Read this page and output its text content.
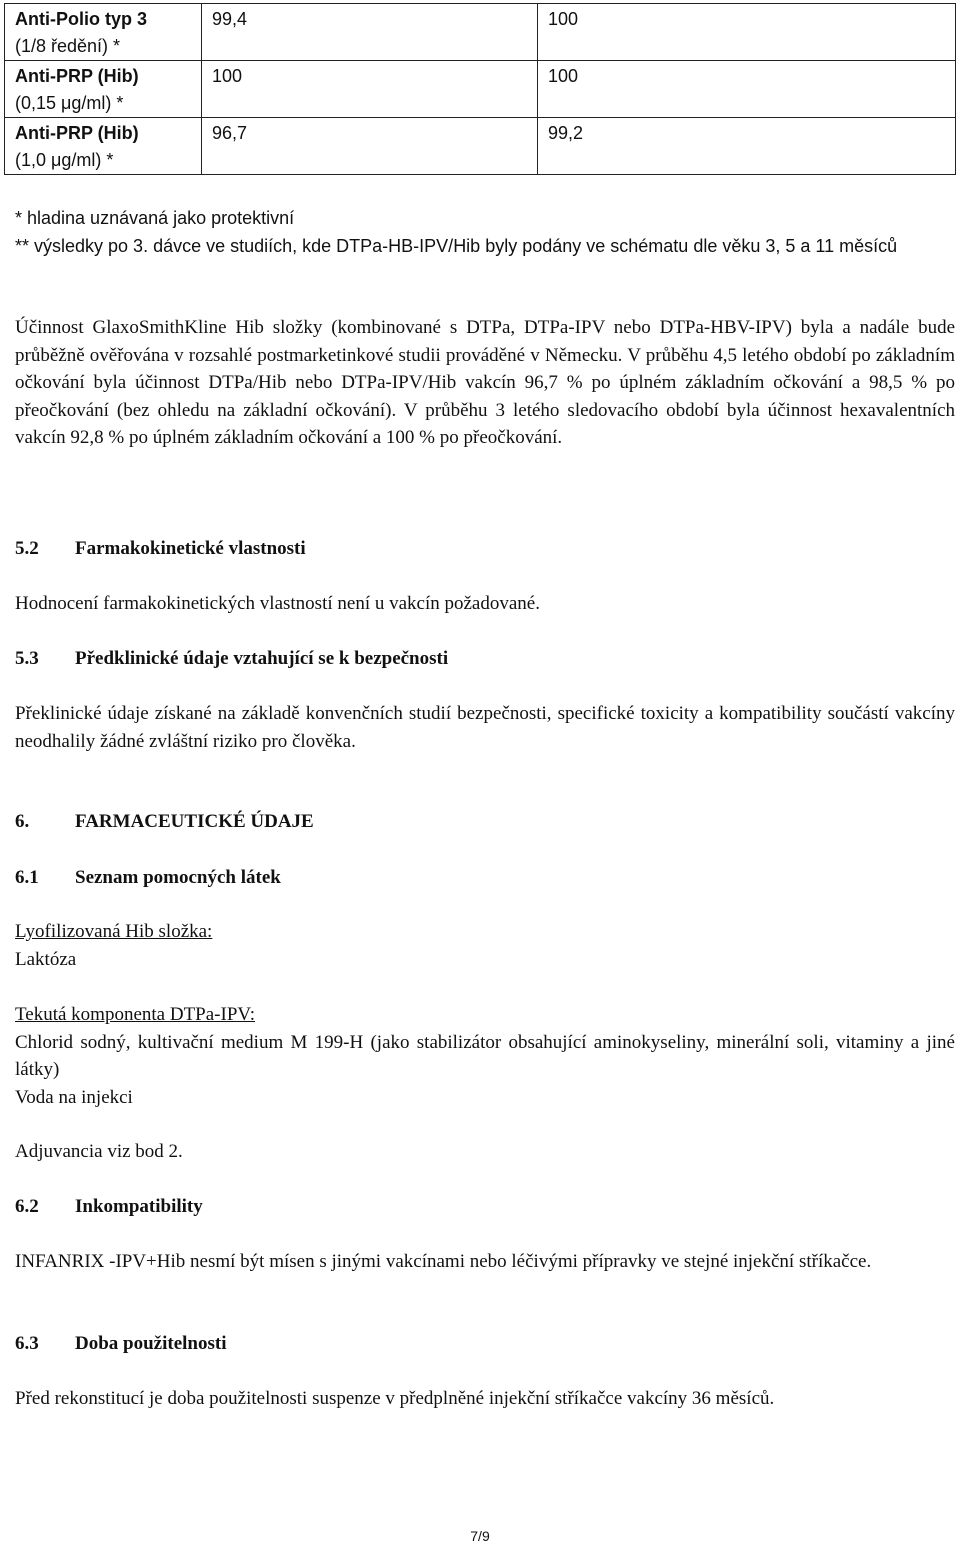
Anti-Polio typ 3
(1/8 ředění) *	99,4	100
Anti-PRP (Hib)
(0,15 μg/ml) *	100	100
Anti-PRP (Hib)
(1,0 μg/ml) *	96,7	99,2
* hladina uznávaná jako protektivní
** výsledky po 3. dávce ve studiích, kde DTPa-HB-IPV/Hib byly podány ve schématu dle věku 3, 5 a 11 měsíců
Účinnost GlaxoSmithKline Hib složky (kombinované s DTPa, DTPa-IPV nebo DTPa-HBV-IPV) byla a nadále bude průběžně ověřována v rozsahlé postmarketinkové studii prováděné v Německu. V průběhu 4,5 letého období po základním očkování byla účinnost DTPa/Hib nebo DTPa-IPV/Hib vakcín 96,7 % po úplném základním očkování a 98,5 % po přeočkování (bez ohledu na základní očkování). V průběhu 3 letého sledovacího období byla účinnost hexavalentních vakcín 92,8 % po úplném základním očkování a 100 % po přeočkování.
5.2 Farmakokinetické vlastnosti
Hodnocení farmakokinetických vlastností není u vakcín požadované.
5.3 Předklinické údaje vztahující se k bezpečnosti
Překlinické údaje získané na základě konvenčních studií bezpečnosti, specifické toxicity a kompatibility součástí vakcíny neodhalily žádné zvláštní riziko pro člověka.
6. FARMACEUTICKÉ ÚDAJE
6.1 Seznam pomocných látek
Lyofilizovaná Hib složka:
Laktóza
Tekutá komponenta DTPa-IPV:
Chlorid sodný, kultivační medium M 199-H (jako stabilizátor obsahující aminokyseliny, minerální soli, vitaminy a jiné látky)
Voda na injekci
Adjuvancia viz bod 2.
6.2 Inkompatibility
INFANRIX -IPV+Hib nesmí být mísen s jinými vakcínami nebo léčivými přípravky ve stejné injekční stříkačce.
6.3 Doba použitelnosti
Před rekonstitucí je doba použitelnosti suspenze v předplněné injekční stříkačce vakcíny 36 měsíců.
7/9
